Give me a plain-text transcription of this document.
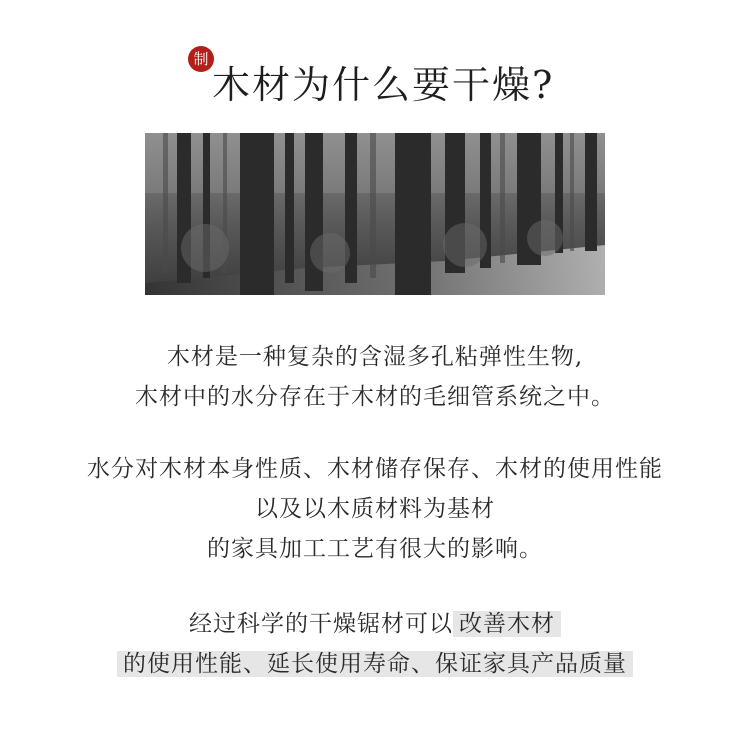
制
木材为什么要干燥?
木材是一种复杂的含湿多孔粘弹性生物,
木材中的水分存在于木材的毛细管系统之中。
水分对木材本身性质、木材储存保存、木材的使用性能
以及以木质材料为基材
的家具加工工艺有很大的影响。
经过科学的干燥锯材可以 改善木材
的使用性能、延长使用寿命、保证家具产品质量
